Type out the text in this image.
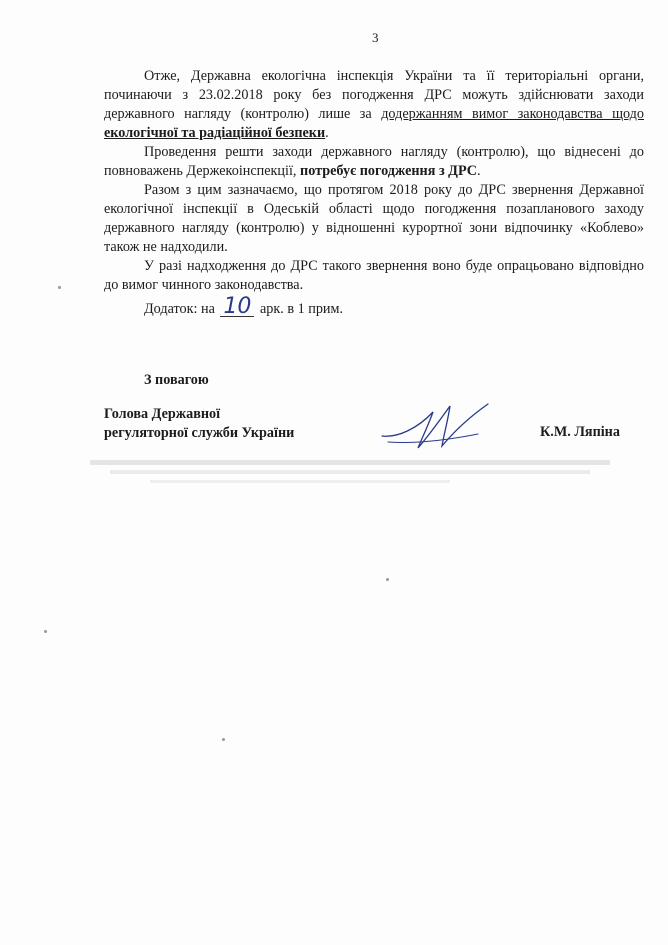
3

Отже, Державна екологічна інспекція України та її територіальні органи, починаючи з 23.02.2018 року без погодження ДРС можуть здійснювати заходи державного нагляду (контролю) лише за додержанням вимог законодавства щодо екологічної та радіаційної безпеки.

Проведення решти заходи державного нагляду (контролю), що віднесені до повноважень Держекоінспекції, потребує погодження з ДРС.

Разом з цим зазначаємо, що протягом 2018 року до ДРС звернення Державної екологічної інспекції в Одеській області щодо погодження позапланового заходу державного нагляду (контролю) у відношенні курортної зони відпочинку «Коблево» також не надходили.

У разі надходження до ДРС такого звернення воно буде опрацьовано відповідно до вимог чинного законодавства.

Додаток: на 10 арк. в 1 прим.
З повагою
Голова Державної
регуляторної служби України	К.М. Ляпіна
